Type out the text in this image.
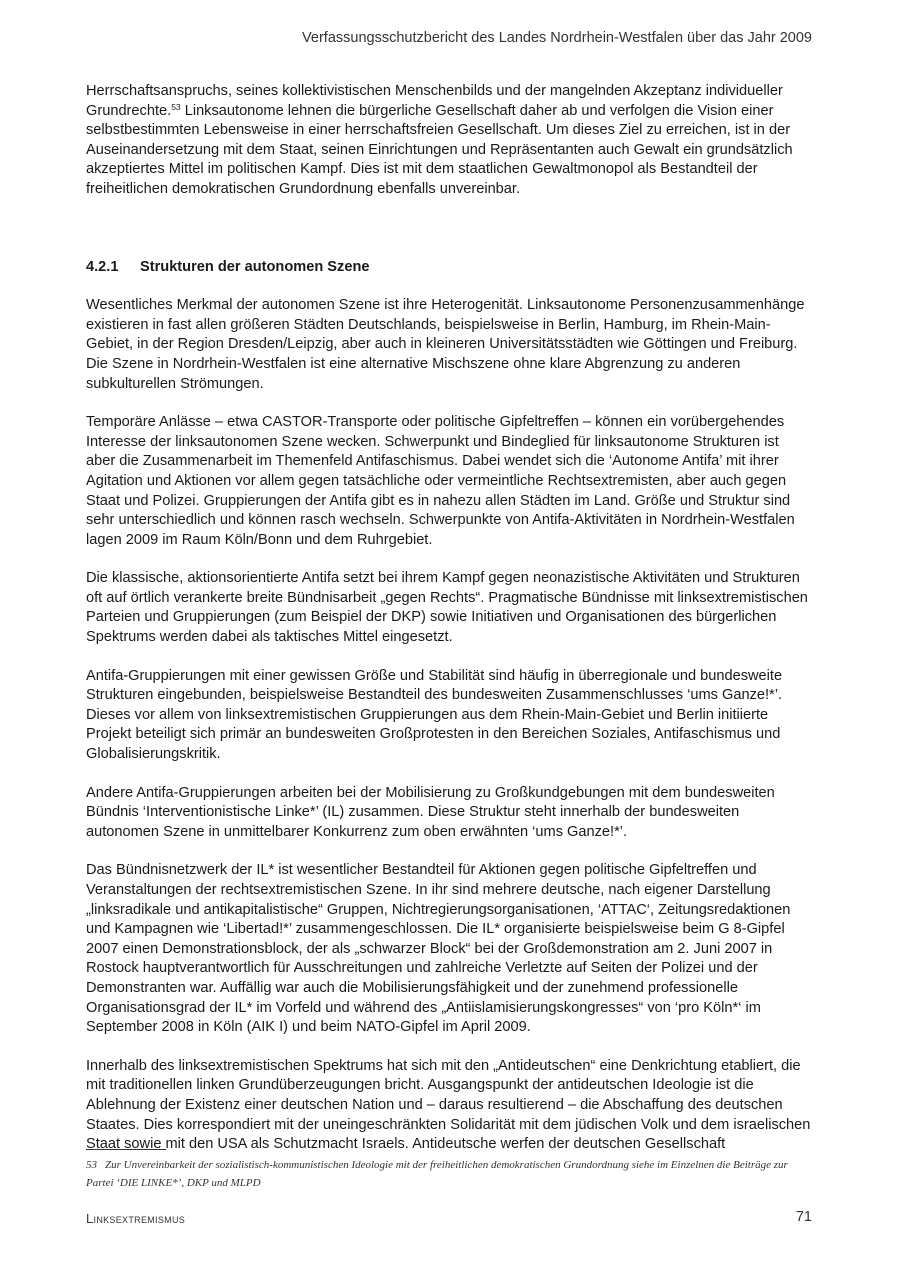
Verfassungsschutzbericht des Landes Nordrhein-Westfalen über das Jahr 2009

Herrschaftsanspruchs, seines kollektivistischen Menschenbilds und der mangelnden Akzeptanz individueller Grundrechte.$^{53}$ Linksautonome lehnen die bürgerliche Gesellschaft daher ab und verfolgen die Vision einer selbstbestimmten Lebensweise in einer herrschaftsfreien Gesellschaft. Um dieses Ziel zu erreichen, ist in der Auseinandersetzung mit dem Staat, seinen Einrichtungen und Repräsentanten auch Gewalt ein grundsätzlich akzeptiertes Mittel im politischen Kampf. Dies ist mit dem staatlichen Gewaltmonopol als Bestandteil der freiheitlichen demokratischen Grundordnung ebenfalls unvereinbar.

4.2.1 Strukturen der autonomen Szene

Wesentliches Merkmal der autonomen Szene ist ihre Heterogenität. Linksautonome Personenzusammenhänge existieren in fast allen größeren Städten Deutschlands, beispielsweise in Berlin, Hamburg, im Rhein-Main-Gebiet, in der Region Dresden/Leipzig, aber auch in kleineren Universitätsstädten wie Göttingen und Freiburg. Die Szene in Nordrhein-Westfalen ist eine alternative Mischszene ohne klare Abgrenzung zu anderen subkulturellen Strömungen.

Temporäre Anlässe – etwa CASTOR-Transporte oder politische Gipfeltreffen – können ein vorübergehendes Interesse der linksautonomen Szene wecken. Schwerpunkt und Bindeglied für linksautonome Strukturen ist aber die Zusammenarbeit im Themenfeld Antifaschismus. Dabei wendet sich die ‘Autonome Antifa’ mit ihrer Agitation und Aktionen vor allem gegen tatsächliche oder vermeintliche Rechtsextremisten, aber auch gegen Staat und Polizei. Gruppierungen der Antifa gibt es in nahezu allen Städten im Land. Größe und Struktur sind sehr unterschiedlich und können rasch wechseln. Schwerpunkte von Antifa-Aktivitäten in Nordrhein-Westfalen lagen 2009 im Raum Köln/Bonn und dem Ruhrgebiet.

Die klassische, aktionsorientierte Antifa setzt bei ihrem Kampf gegen neonazistische Aktivitäten und Strukturen oft auf örtlich verankerte breite Bündnisarbeit „gegen Rechts“. Pragmatische Bündnisse mit linksextremistischen Parteien und Gruppierungen (zum Beispiel der DKP) sowie Initiativen und Organisationen des bürgerlichen Spektrums werden dabei als taktisches Mittel eingesetzt.

Antifa-Gruppierungen mit einer gewissen Größe und Stabilität sind häufig in überregionale und bundesweite Strukturen eingebunden, beispielsweise Bestandteil des bundesweiten Zusammenschlusses ‘ums Ganze!*’. Dieses vor allem von linksextremistischen Gruppierungen aus dem Rhein-Main-Gebiet und Berlin initiierte Projekt beteiligt sich primär an bundesweiten Großprotesten in den Bereichen Soziales, Antifaschismus und Globalisierungskritik.

Andere Antifa-Gruppierungen arbeiten bei der Mobilisierung zu Großkundgebungen mit dem bundesweiten Bündnis ‘Interventionistische Linke*’ (IL) zusammen. Diese Struktur steht innerhalb der bundesweiten autonomen Szene in unmittelbarer Konkurrenz zum oben erwähnten ‘ums Ganze!*’.

Das Bündnisnetzwerk der IL* ist wesentlicher Bestandteil für Aktionen gegen politische Gipfeltreffen und Veranstaltungen der rechtsextremistischen Szene. In ihr sind mehrere deutsche, nach eigener Darstellung „linksradikale und antikapitalistische“ Gruppen, Nichtregierungsorganisationen, ‘ATTAC‘, Zeitungsredaktionen und Kampagnen wie ‘Libertad!*’ zusammengeschlossen. Die IL* organisierte beispielsweise beim G 8-Gipfel 2007 einen Demonstrationsblock, der als „schwarzer Block“ bei der Großdemonstration am 2. Juni 2007 in Rostock hauptverantwortlich für Ausschreitungen und zahlreiche Verletzte auf Seiten der Polizei und der Demonstranten war. Auffällig war auch die Mobilisierungsfähigkeit und der zunehmend professionelle Organisationsgrad der IL* im Vorfeld und während des „Antiislamisierungskongresses“ von ‘pro Köln*‘ im September 2008 in Köln (AIK I) und beim NATO-Gipfel im April 2009.

Innerhalb des linksextremistischen Spektrums hat sich mit den „Antideutschen“ eine Denkrichtung etabliert, die mit traditionellen linken Grundüberzeugungen bricht. Ausgangspunkt der antideutschen Ideologie ist die Ablehnung der Existenz einer deutschen Nation und – daraus resultierend – die Abschaffung des deutschen Staates. Dies korrespondiert mit der uneingeschränkten Solidarität mit dem jüdischen Volk und dem israelischen Staat sowie mit den USA als Schutzmacht Israels. Antideutsche werfen der deutschen Gesellschaft

53 Zur Unvereinbarkeit der sozialistisch-kommunistischen Ideologie mit der freiheitlichen demokratischen Grundordnung siehe im Einzelnen die Beiträge zur Partei ‘DIE LINKE*’, DKP und MLPD
Linksextremismus	71
